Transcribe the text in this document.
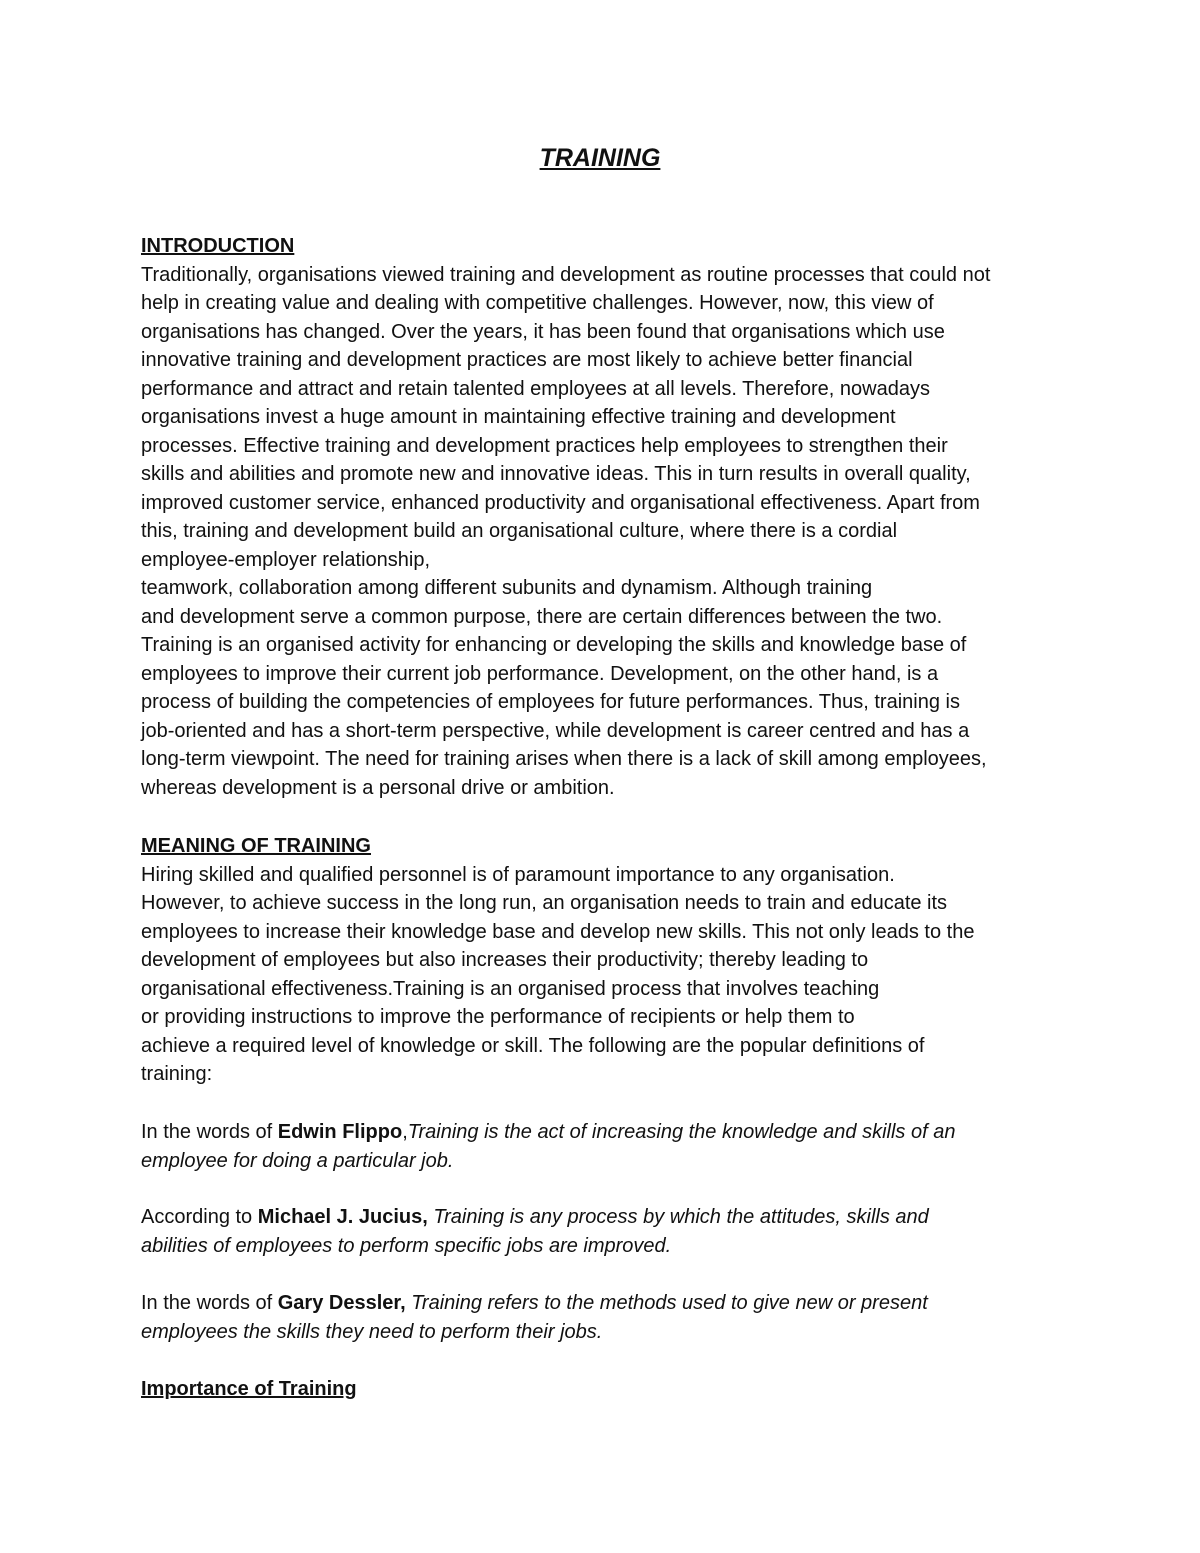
TRAINING
INTRODUCTION
Traditionally, organisations viewed training and development as routine processes that could not
help in creating value and dealing with competitive challenges. However, now, this view of
organisations has changed. Over the years, it has been found that organisations which use
innovative training and development practices are most likely to achieve better financial
performance and attract and retain talented employees at all levels. Therefore, nowadays
organisations invest a huge amount in maintaining effective training and development
processes. Effective training and development practices help employees to strengthen their
skills and abilities and promote new and innovative ideas. This in turn results in overall quality,
improved customer service, enhanced productivity and organisational effectiveness. Apart from
this, training and development build an organisational culture, where there is a cordial
employee-employer relationship,
teamwork, collaboration among different subunits and dynamism. Although training
and development serve a common purpose, there are certain differences between the two.
Training is an organised activity for enhancing or developing the skills and knowledge base of
employees to improve their current job performance. Development, on the other hand, is a
process of building the competencies of employees for future performances. Thus, training is
job-oriented and has a short-term perspective, while development is career centred and has a
long-term viewpoint. The need for training arises when there is a lack of skill among employees,
whereas development is a personal drive or ambition.
MEANING OF TRAINING
Hiring skilled and qualified personnel is of paramount importance to any organisation.
However, to achieve success in the long run, an organisation needs to train and educate its
employees to increase their knowledge base and develop new skills. This not only leads to the
development of employees but also increases their productivity; thereby leading to
organisational effectiveness.Training is an organised process that involves teaching
or providing instructions to improve the performance of recipients or help them to
achieve a required level of knowledge or skill. The following are the popular definitions of
training:
In the words of Edwin Flippo,Training is the act of increasing the knowledge and skills of an
employee for doing a particular job.
According to Michael J. Jucius, Training is any process by which the attitudes, skills and
abilities of employees to perform specific jobs are improved.
In the words of Gary Dessler, Training refers to the methods used to give new or present
employees the skills they need to perform their jobs.
Importance of Training
